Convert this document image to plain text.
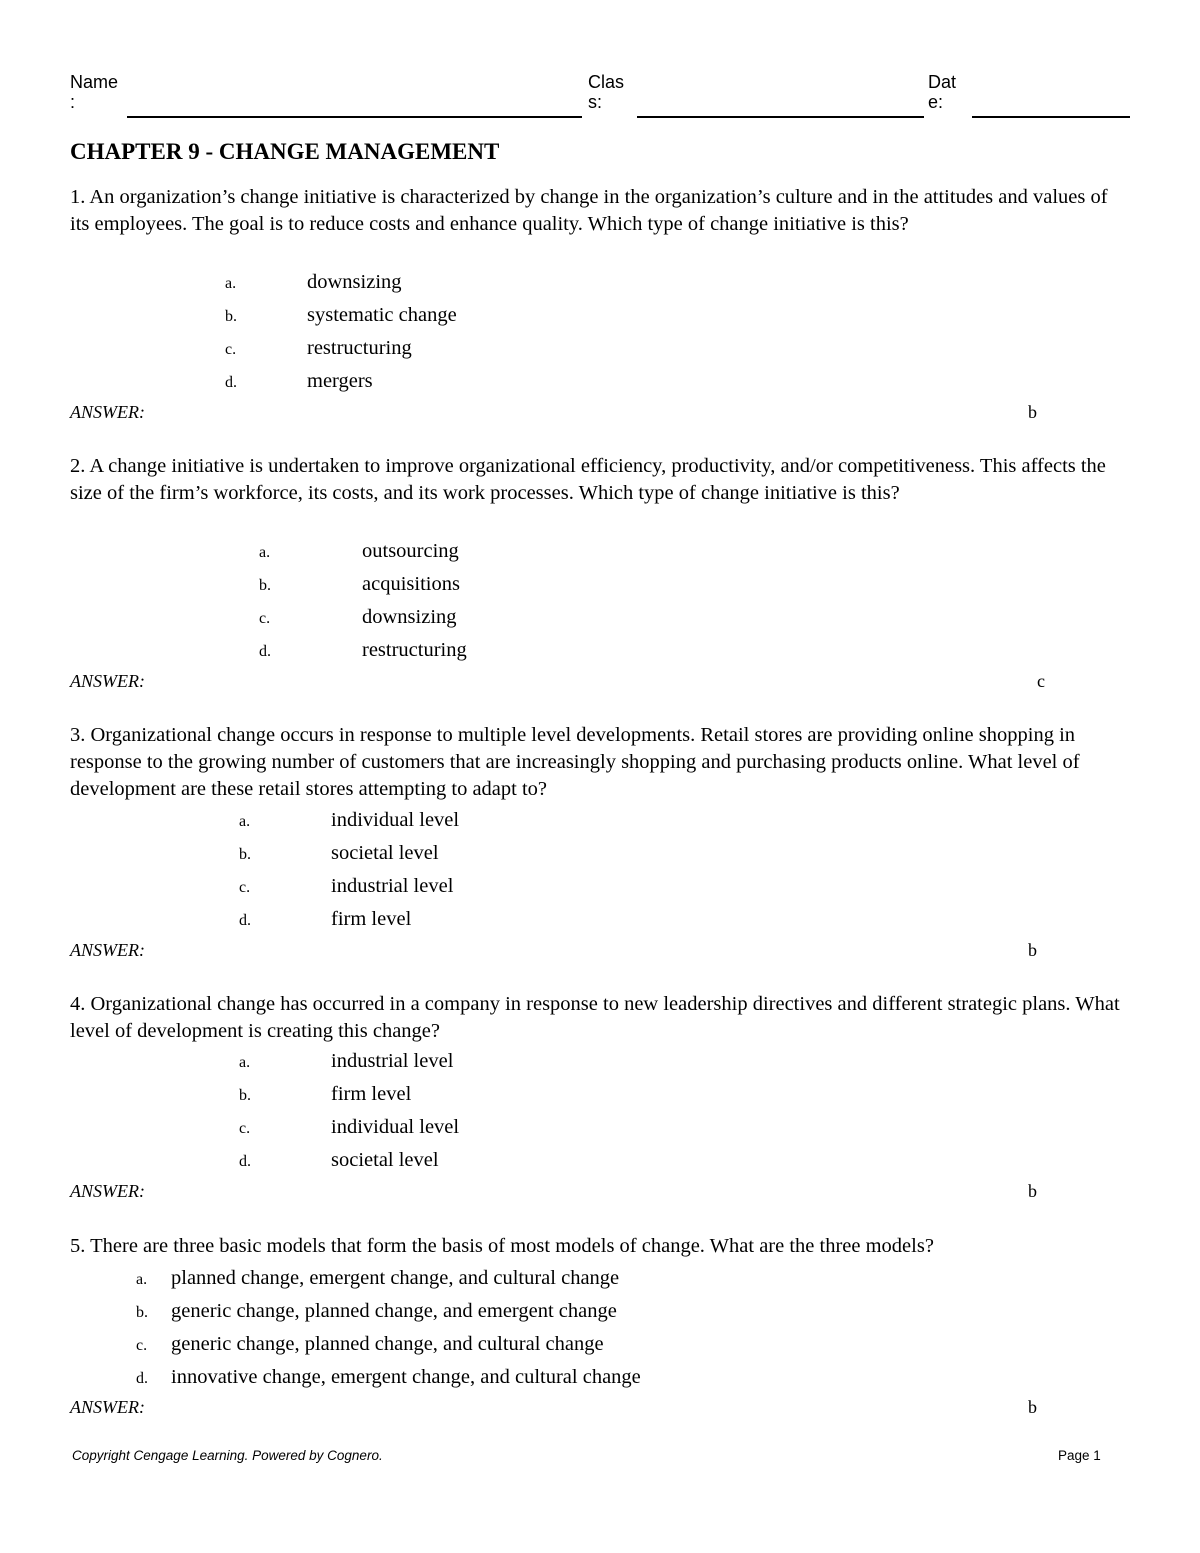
Name
:
Clas
s:
Dat
e:
CHAPTER 9 - CHANGE MANAGEMENT
1. An organization’s change initiative is characterized by change in the organization’s culture and in the attitudes and values of its employees. The goal is to reduce costs and enhance quality. Which type of change initiative is this?
a.	downsizing
b.	systematic change
c.	restructuring
d.	mergers
ANSWER:	b
2. A change initiative is undertaken to improve organizational efficiency, productivity, and/or competitiveness. This affects the size of the firm’s workforce, its costs, and its work processes. Which type of change initiative is this?
a.	outsourcing
b.	acquisitions
c.	downsizing
d.	restructuring
ANSWER:	c
3. Organizational change occurs in response to multiple level developments. Retail stores are providing online shopping in response to the growing number of customers that are increasingly shopping and purchasing products online. What level of development are these retail stores attempting to adapt to?
a.	individual level
b.	societal level
c.	industrial level
d.	firm level
ANSWER:	b
4. Organizational change has occurred in a company in response to new leadership directives and different strategic plans. What level of development is creating this change?
a.	industrial level
b.	firm level
c.	individual level
d.	societal level
ANSWER:	b
5. There are three basic models that form the basis of most models of change. What are the three models?
a. planned change, emergent change, and cultural change
b. generic change, planned change, and emergent change
c. generic change, planned change, and cultural change
d. innovative change, emergent change, and cultural change
ANSWER:	b
Copyright Cengage Learning. Powered by Cognero.	Page 1
